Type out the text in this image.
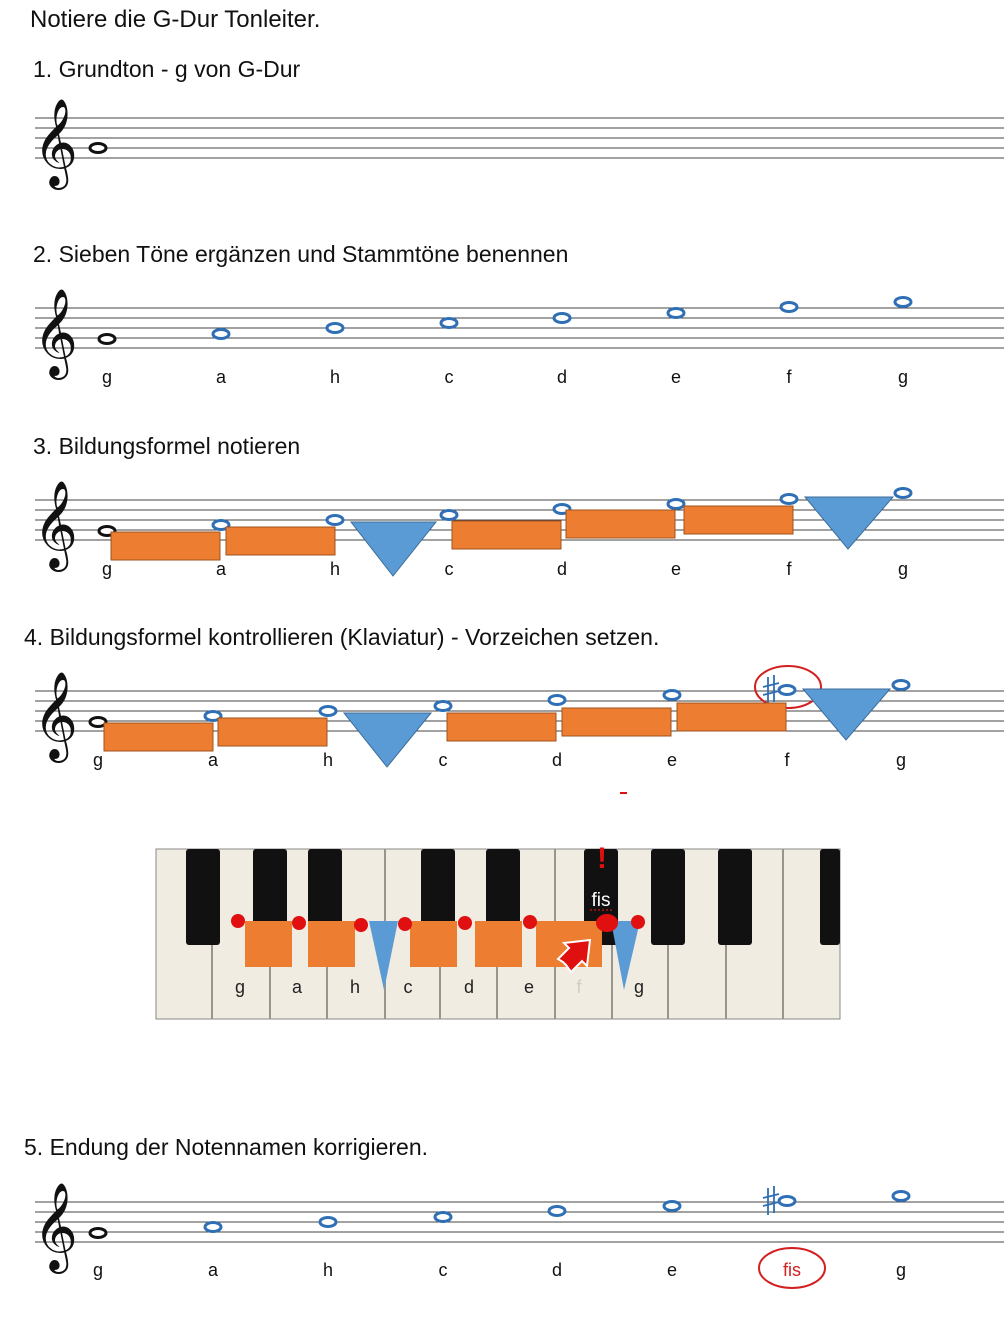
Notiere die G-Dur Tonleiter.
1. Grundton - g von G-Dur
2. Sieben Töne ergänzen und Stammtöne benennen
3. Bildungsformel notieren
4. Bildungsformel kontrollieren (Klaviatur) - Vorzeichen setzen.
5. Endung der Notennamen korrigieren.
𝄞
𝄞
g	a	h	c	d	e	f	g
𝄞
g	a	h	c	d	e	f	g
𝄞
g	a	h	c	d	e	f	g
fis
!
g	a	h c	d	e f	g
𝄞 g	a	h	c	d	e	fis	g
